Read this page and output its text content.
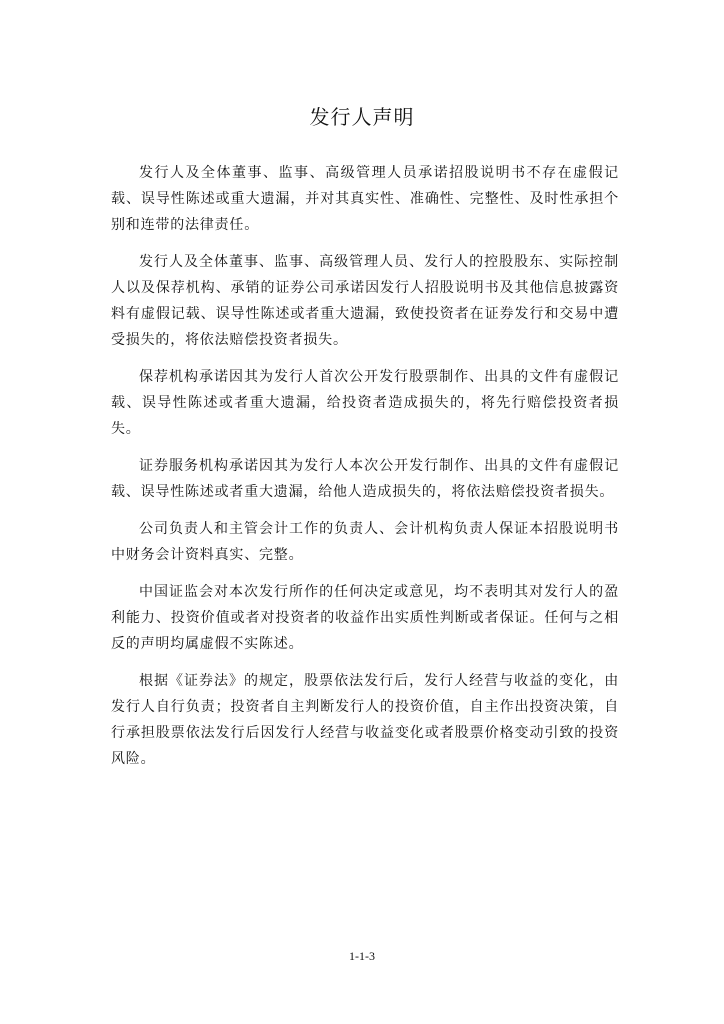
发行人声明

发行人及全体董事、监事、高级管理人员承诺招股说明书不存在虚假记载、误导性陈述或重大遗漏，并对其真实性、准确性、完整性、及时性承担个别和连带的法律责任。

发行人及全体董事、监事、高级管理人员、发行人的控股股东、实际控制人以及保荐机构、承销的证券公司承诺因发行人招股说明书及其他信息披露资料有虚假记载、误导性陈述或者重大遗漏，致使投资者在证券发行和交易中遭受损失的，将依法赔偿投资者损失。

保荐机构承诺因其为发行人首次公开发行股票制作、出具的文件有虚假记载、误导性陈述或者重大遗漏，给投资者造成损失的，将先行赔偿投资者损失。

证券服务机构承诺因其为发行人本次公开发行制作、出具的文件有虚假记载、误导性陈述或者重大遗漏，给他人造成损失的，将依法赔偿投资者损失。

公司负责人和主管会计工作的负责人、会计机构负责人保证本招股说明书中财务会计资料真实、完整。

中国证监会对本次发行所作的任何决定或意见，均不表明其对发行人的盈利能力、投资价值或者对投资者的收益作出实质性判断或者保证。任何与之相反的声明均属虚假不实陈述。

根据《证券法》的规定，股票依法发行后，发行人经营与收益的变化，由发行人自行负责；投资者自主判断发行人的投资价值，自主作出投资决策，自行承担股票依法发行后因发行人经营与收益变化或者股票价格变动引致的投资风险。

1-1-3
